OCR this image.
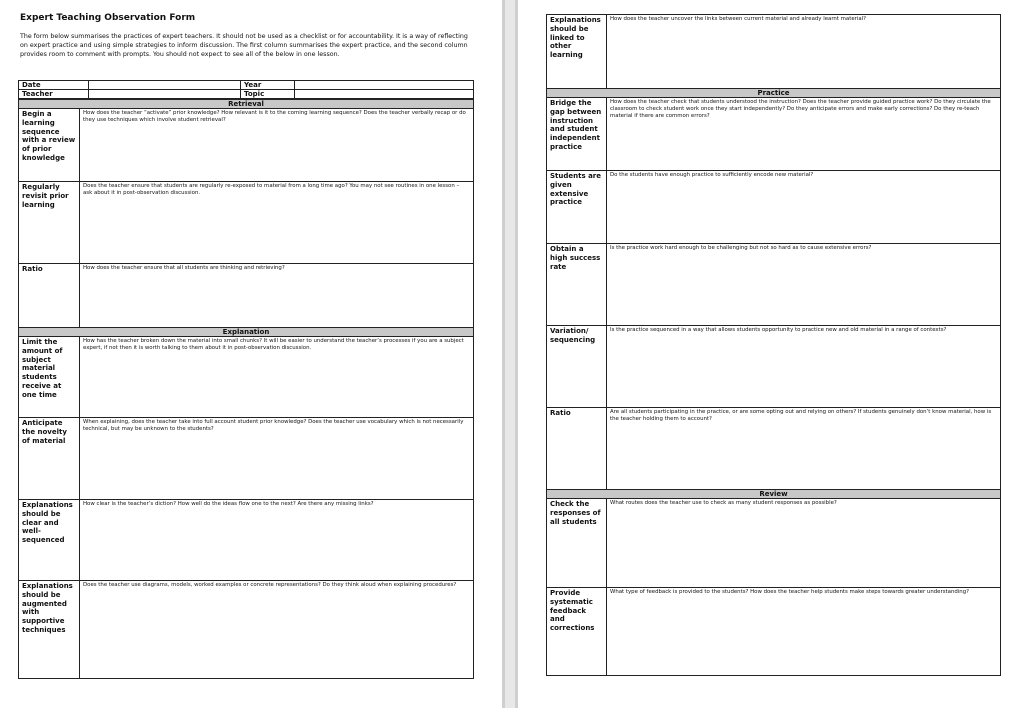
Expert Teaching Observation Form

The form below summarises the practices of expert teachers. It should not be used as a checklist or for accountability. It is a way of reflecting on expert practice and using simple strategies to inform discussion. The first column summarises the expert practice, and the second column provides room to comment with prompts. You should not expect to see all of the below in one lesson.

Date		Year	
Teacher		Topic	
Retrieval	
Begin a learning sequence with a review of prior knowledge	How does the teacher “activate” prior knowledge? How relevant is it to the coming learning sequence? Does the teacher verbally recap or do they use techniques which involve student retrieval?
Regularly revisit prior learning	Does the teacher ensure that students are regularly re-exposed to material from a long time ago? You may not see routines in one lesson – ask about it in post-observation discussion.
Ratio	How does the teacher ensure that all students are thinking and retrieving?
Explanation	
Limit the amount of subject material students receive at one time	How has the teacher broken down the material into small chunks? It will be easier to understand the teacher’s processes if you are a subject expert, if not then it is worth talking to them about it in post-observation discussion.
Anticipate the novelty of material	When explaining, does the teacher take into full account student prior knowledge? Does the teacher use vocabulary which is not necessarily technical, but may be unknown to the students?
Explanations should be clear and well-sequenced	How clear is the teacher’s diction? How well do the ideas flow one to the next? Are there any missing links?
Explanations should be augmented with supportive techniques	Does the teacher use diagrams, models, worked examples or concrete representations? Do they think aloud when explaining procedures?
Explanations should be linked to other learning	How does the teacher uncover the links between current material and already learnt material?
Practice	
Bridge the gap between instruction and student independent practice	How does the teacher check that students understood the instruction? Does the teacher provide guided practice work? Do they circulate the classroom to check student work once they start independently? Do they anticipate errors and make early corrections? Do they re-teach material if there are common errors?
Students are given extensive practice	Do the students have enough practice to sufficiently encode new material?
Obtain a high success rate	Is the practice work hard enough to be challenging but not so hard as to cause extensive errors?
Variation/ sequencing	Is the practice sequenced in a way that allows students opportunity to practice new and old material in a range of contexts?
Ratio	Are all students participating in the practice, or are some opting out and relying on others? If students genuinely don’t know material, how is the teacher holding them to account?
Review	
Check the responses of all students	What routes does the teacher use to check as many student responses as possible?
Provide systematic feedback and corrections	What type of feedback is provided to the students? How does the teacher help students make steps towards greater understanding?
